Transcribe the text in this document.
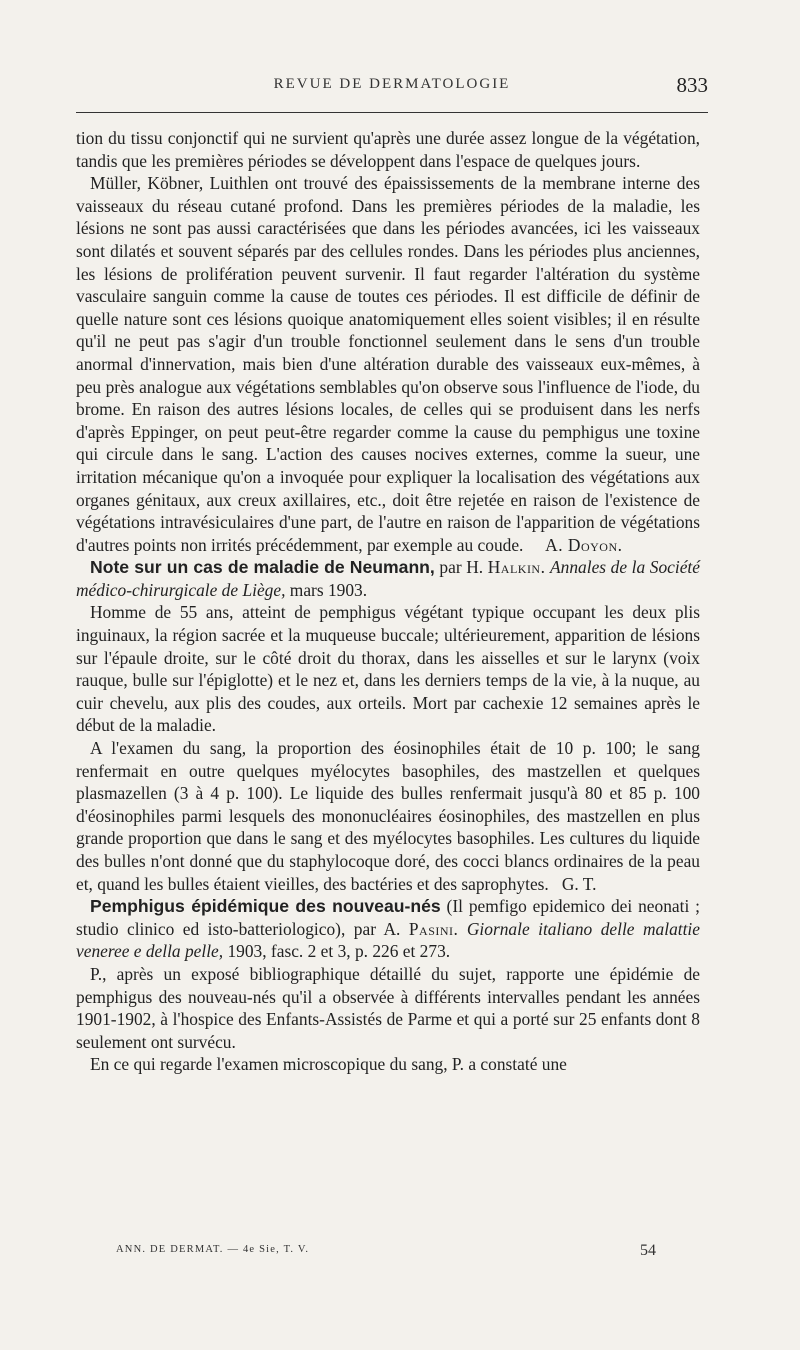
REVUE DE DERMATOLOGIE	833

tion du tissu conjonctif qui ne survient qu'après une durée assez longue de la végétation, tandis que les premières périodes se développent dans l'espace de quelques jours.

Müller, Köbner, Luithlen ont trouvé des épaississements de la membrane interne des vaisseaux du réseau cutané profond. Dans les premières périodes de la maladie, les lésions ne sont pas aussi caractérisées que dans les périodes avancées, ici les vaisseaux sont dilatés et souvent séparés par des cellules rondes. Dans les périodes plus anciennes, les lésions de prolifération peuvent survenir. Il faut regarder l'altération du système vasculaire sanguin comme la cause de toutes ces périodes. Il est difficile de définir de quelle nature sont ces lésions quoique anatomiquement elles soient visibles; il en résulte qu'il ne peut pas s'agir d'un trouble fonctionnel seulement dans le sens d'un trouble anormal d'innervation, mais bien d'une altération durable des vaisseaux eux-mêmes, à peu près analogue aux végétations semblables qu'on observe sous l'influence de l'iode, du brome. En raison des autres lésions locales, de celles qui se produisent dans les nerfs d'après Eppinger, on peut peut-être regarder comme la cause du pemphigus une toxine qui circule dans le sang. L'action des causes nocives externes, comme la sueur, une irritation mécanique qu'on a invoquée pour expliquer la localisation des végétations aux organes génitaux, aux creux axillaires, etc., doit être rejetée en raison de l'existence de végétations intravésiculaires d'une part, de l'autre en raison de l'apparition de végétations d'autres points non irrités précédemment, par exemple au coude. A. Doyon.

Note sur un cas de maladie de Neumann, par H. Halkin. Annales de la Société médico-chirurgicale de Liège, mars 1903.

Homme de 55 ans, atteint de pemphigus végétant typique occupant les deux plis inguinaux, la région sacrée et la muqueuse buccale; ultérieurement, apparition de lésions sur l'épaule droite, sur le côté droit du thorax, dans les aisselles et sur le larynx (voix rauque, bulle sur l'épiglotte) et le nez et, dans les derniers temps de la vie, à la nuque, au cuir chevelu, aux plis des coudes, aux orteils. Mort par cachexie 12 semaines après le début de la maladie.

A l'examen du sang, la proportion des éosinophiles était de 10 p. 100; le sang renfermait en outre quelques myélocytes basophiles, des mastzellen et quelques plasmazellen (3 à 4 p. 100). Le liquide des bulles renfermait jusqu'à 80 et 85 p. 100 d'éosinophiles parmi lesquels des mononucléaires éosinophiles, des mastzellen en plus grande proportion que dans le sang et des myélocytes basophiles. Les cultures du liquide des bulles n'ont donné que du staphylocoque doré, des cocci blancs ordinaires de la peau et, quand les bulles étaient vieilles, des bactéries et des saprophytes. G. T.

Pemphigus épidémique des nouveau-nés (Il pemfigo epidemico dei neonati ; studio clinico ed isto-batteriologico), par A. Pasini. Giornale italiano delle malattie veneree e della pelle, 1903, fasc. 2 et 3, p. 226 et 273.

P., après un exposé bibliographique détaillé du sujet, rapporte une épidémie de pemphigus des nouveau-nés qu'il a observée à différents intervalles pendant les années 1901-1902, à l'hospice des Enfants-Assistés de Parme et qui a porté sur 25 enfants dont 8 seulement ont survécu.

En ce qui regarde l'examen microscopique du sang, P. a constaté une

ANN. DE DERMAT. — 4e Sie, T. V.	54
